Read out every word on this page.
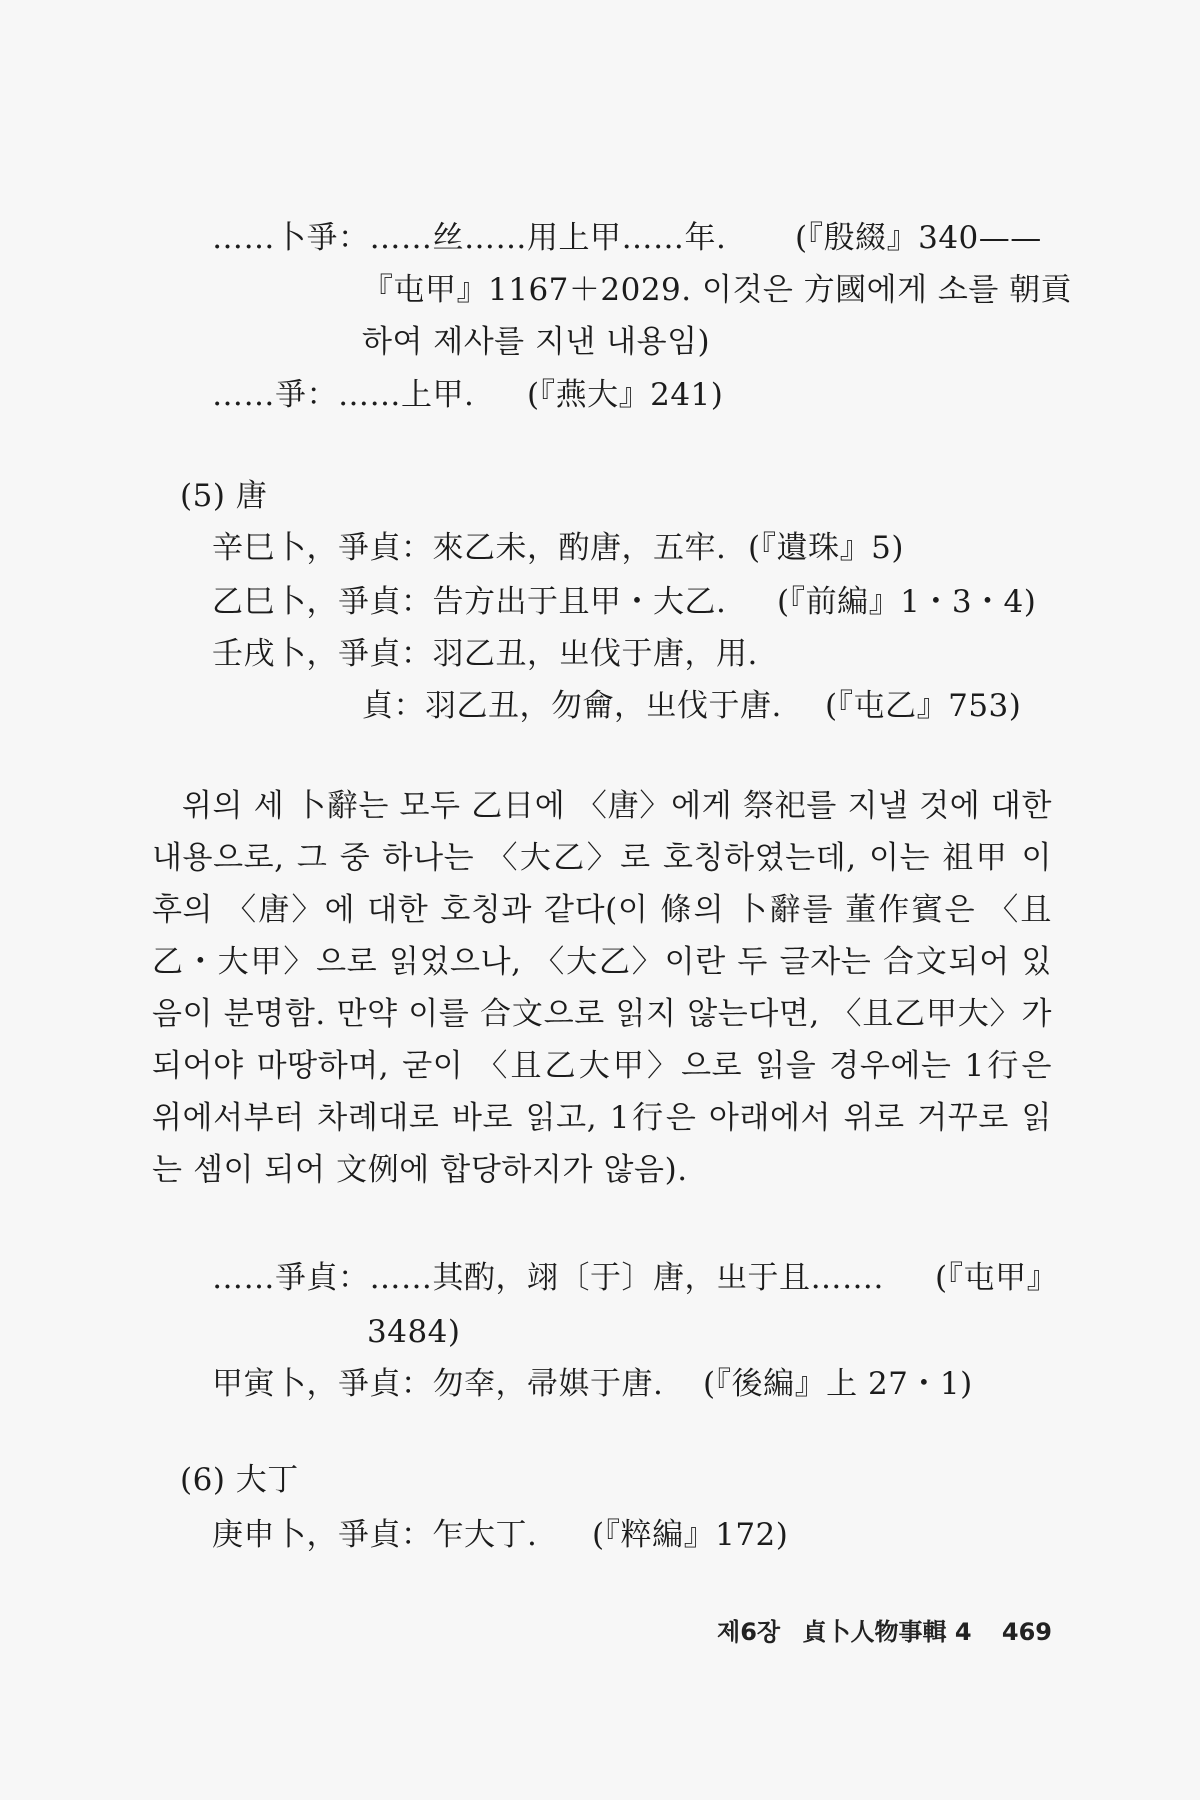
……卜爭：……丝……用上甲……年. (『殷綴』340——
『屯甲』1167＋2029. 이것은 方國에게 소를 朝貢
하여 제사를 지낸 내용임)
……爭：……上甲. (『燕大』241)
(5) 唐
辛巳卜，爭貞：來乙未，酌唐，五牢. (『遺珠』5)
乙巳卜，爭貞：告方出于且甲・大乙. (『前編』1・3・4)
壬戌卜，爭貞：羽乙丑，㞢伐于唐，用.
貞：羽乙丑，勿龠，㞢伐于唐. (『屯乙』753)

위의 세 卜辭는 모두 乙日에 〈唐〉에게 祭祀를 지낼 것에 대한 내용으로, 그 중 하나는 〈大乙〉로 호칭하였는데, 이는 祖甲 이후의 〈唐〉에 대한 호칭과 같다(이 條의 卜辭를 董作賓은 〈且乙・大甲〉으로 읽었으나, 〈大乙〉이란 두 글자는 合文되어 있음이 분명함. 만약 이를 合文으로 읽지 않는다면, 〈且乙甲大〉가 되어야 마땅하며, 굳이 〈且乙大甲〉으로 읽을 경우에는 1行은 위에서부터 차례대로 바로 읽고, 1行은 아래에서 위로 거꾸로 읽는 셈이 되어 文例에 합당하지가 않음).

……爭貞：……其酌，翊〔于〕唐，㞢于且……. (『屯甲』
3484)
甲寅卜，爭貞：勿㚔，帚娸于唐. (『後編』上 27・1)
(6) 大丁
庚申卜，爭貞：乍大丁. (『粹編』172)
제6장 貞卜人物事輯 4 469
